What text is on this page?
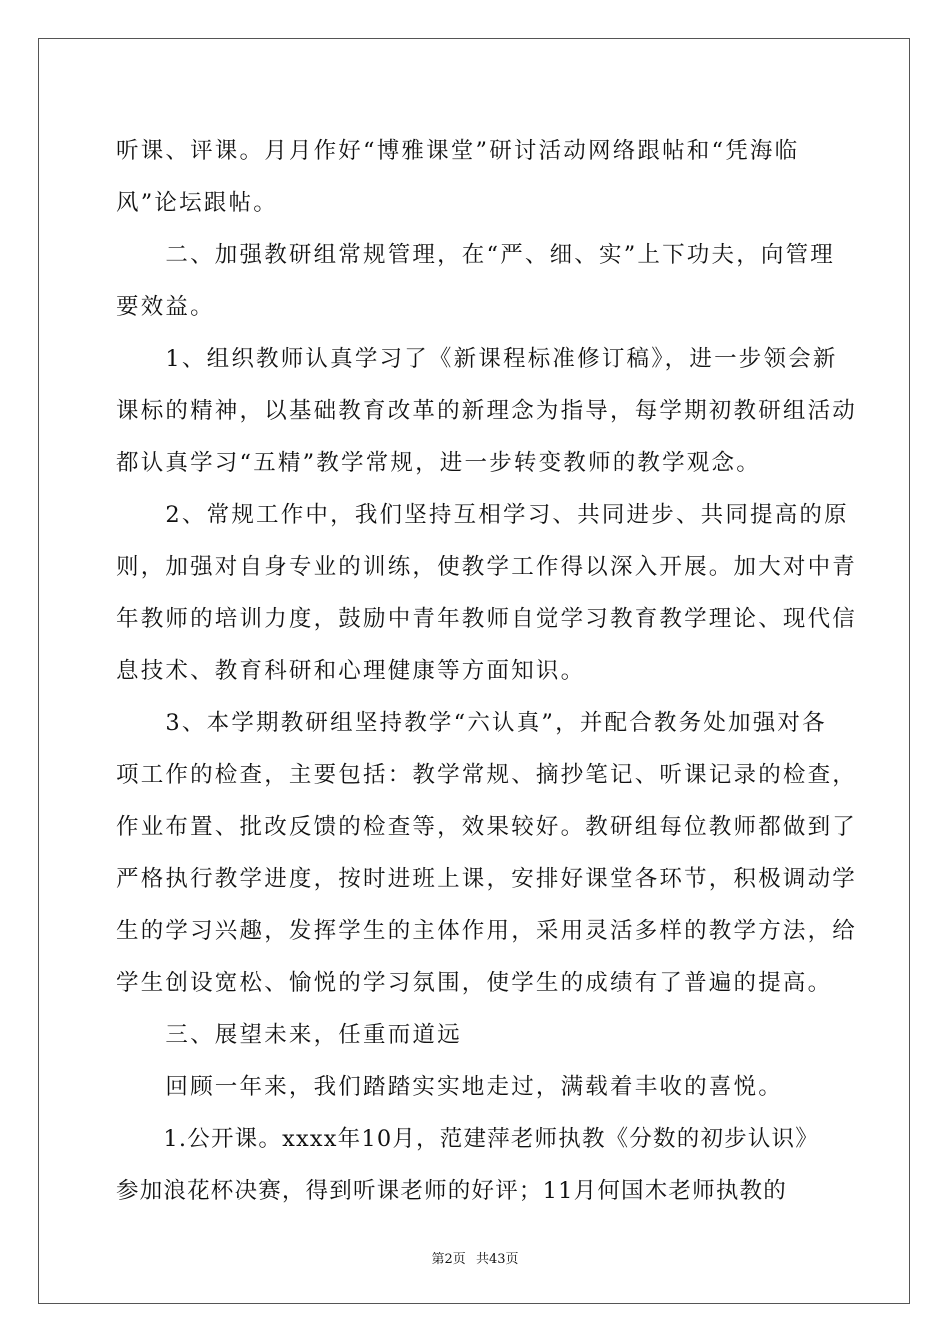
听课、评课。月月作好“博雅课堂”研讨活动网络跟帖和“凭海临
风”论坛跟帖。
　　二、加强教研组常规管理，在“严、细、实”上下功夫，向管理
要效益。
　　1、组织教师认真学习了《新课程标准修订稿》，进一步领会新
课标的精神，以基础教育改革的新理念为指导，每学期初教研组活动
都认真学习“五精”教学常规，进一步转变教师的教学观念。
　　2、常规工作中，我们坚持互相学习、共同进步、共同提高的原
则，加强对自身专业的训练，使教学工作得以深入开展。加大对中青
年教师的培训力度，鼓励中青年教师自觉学习教育教学理论、现代信
息技术、教育科研和心理健康等方面知识。
　　3、本学期教研组坚持教学“六认真”，并配合教务处加强对各
项工作的检查，主要包括：教学常规、摘抄笔记、听课记录的检查，
作业布置、批改反馈的检查等，效果较好。教研组每位教师都做到了
严格执行教学进度，按时进班上课，安排好课堂各环节，积极调动学
生的学习兴趣，发挥学生的主体作用，采用灵活多样的教学方法，给
学生创设宽松、愉悦的学习氛围，使学生的成绩有了普遍的提高。
　　三、展望未来，任重而道远
　　回顾一年来，我们踏踏实实地走过，满载着丰收的喜悦。
　　1.公开课。xxxx年10月，范建萍老师执教《分数的初步认识》
参加浪花杯决赛，得到听课老师的好评；11月何国木老师执教的
第2页 共43页
